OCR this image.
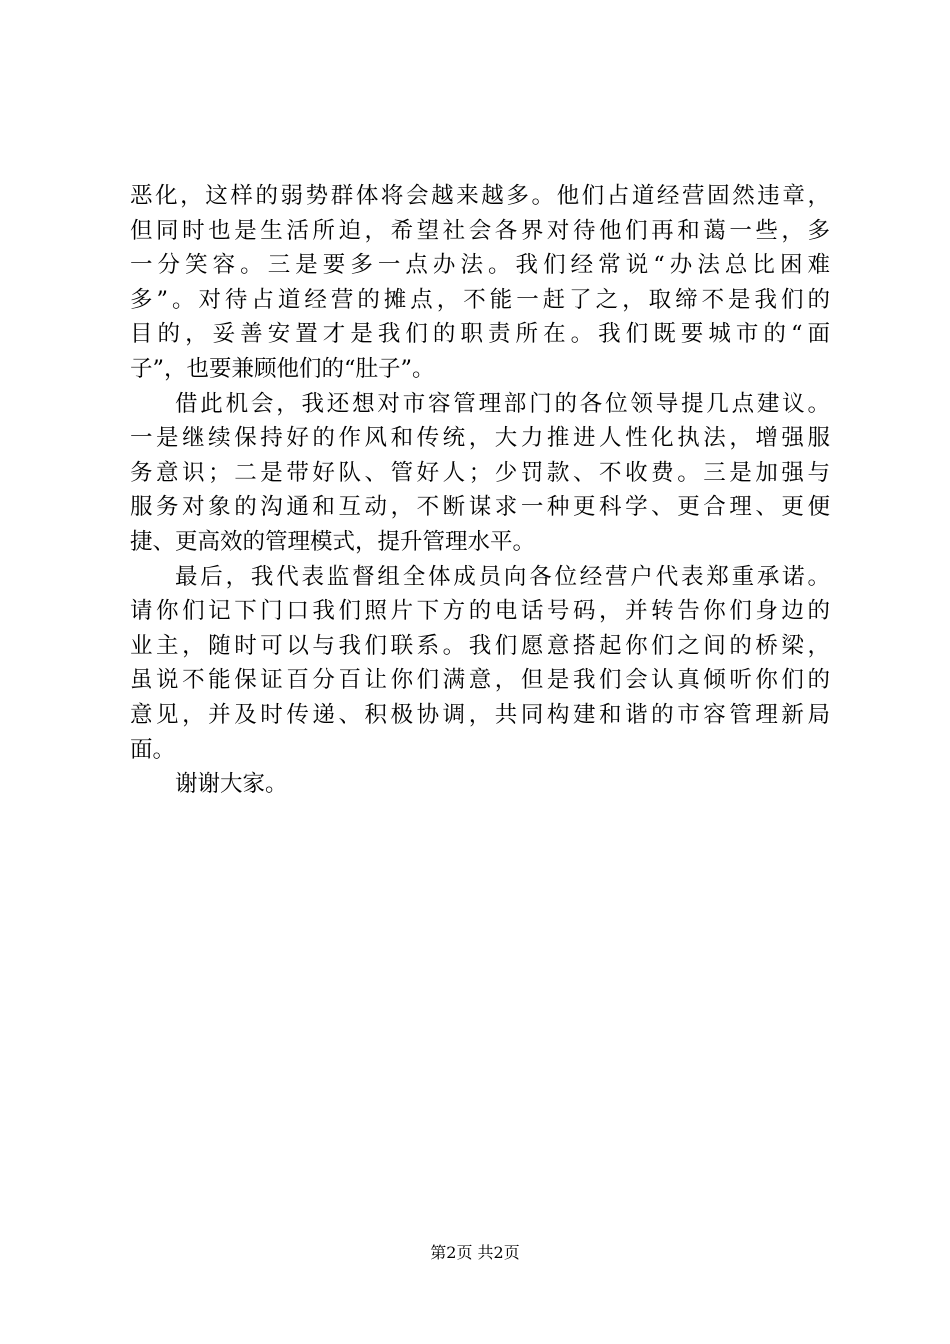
恶化，这样的弱势群体将会越来越多。他们占道经营固然违章，
但同时也是生活所迫，希望社会各界对待他们再和蔼一些，多
一分笑容。三是要多一点办法。我们经常说“办法总比困难
多”。对待占道经营的摊点，不能一赶了之，取缔不是我们的
目的，妥善安置才是我们的职责所在。我们既要城市的“面
子”，也要兼顾他们的“肚子”。
借此机会，我还想对市容管理部门的各位领导提几点建议。
一是继续保持好的作风和传统，大力推进人性化执法，增强服
务意识；二是带好队、管好人；少罚款、不收费。三是加强与
服务对象的沟通和互动，不断谋求一种更科学、更合理、更便
捷、更高效的管理模式，提升管理水平。
最后，我代表监督组全体成员向各位经营户代表郑重承诺。
请你们记下门口我们照片下方的电话号码，并转告你们身边的
业主，随时可以与我们联系。我们愿意搭起你们之间的桥梁，
虽说不能保证百分百让你们满意，但是我们会认真倾听你们的
意见，并及时传递、积极协调，共同构建和谐的市容管理新局
面。
谢谢大家。
第2页 共2页
